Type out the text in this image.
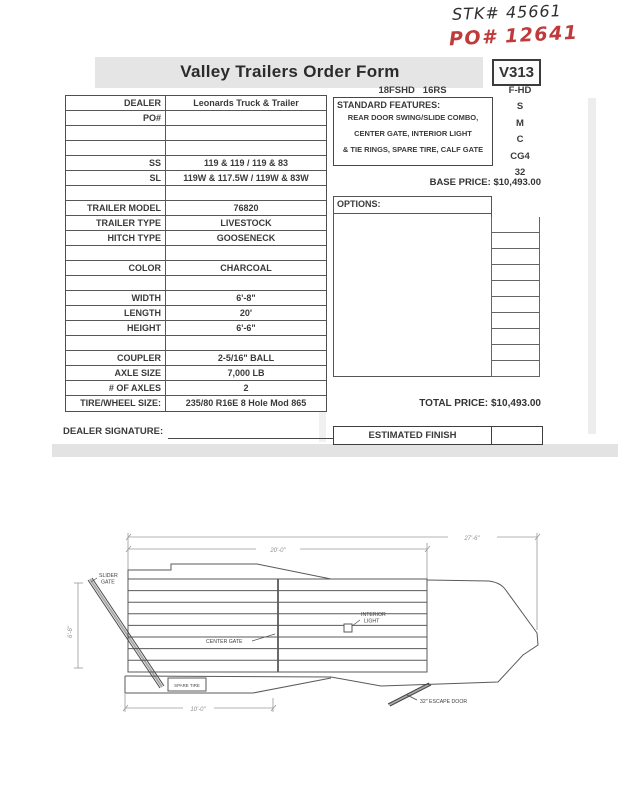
STK# 45661
PO# 12641
Valley Trailers Order Form	V313
18FSHD   16RS
DEALER	Leonards Truck & Trailer
PO#
SS	119 & 119 / 119 & 83
SL	119W & 117.5W / 119W & 83W
TRAILER MODEL	76820
TRAILER TYPE	LIVESTOCK
HITCH TYPE	GOOSENECK
COLOR	CHARCOAL
WIDTH	6'-8"
LENGTH	20'
HEIGHT	6'-6"
COUPLER	2-5/16" BALL
AXLE SIZE	7,000 LB
# OF AXLES	2
TIRE/WHEEL SIZE:	235/80 R16E 8 Hole Mod 865
DEALER SIGNATURE:
STANDARD FEATURES:
REAR DOOR SWING/SLIDE COMBO,
CENTER GATE, INTERIOR LIGHT
& TIE RINGS, SPARE TIRE, CALF GATE
F-HD
S
M
C
CG4
32
BASE PRICE: $10,493.00
OPTIONS:
TOTAL PRICE: $10,493.00
ESTIMATED FINISH
27'-6"
20'-0"
10'-0"
6'-6"
SLIDER
GATE
CENTER GATE
INTERIOR
LIGHT
SPARE TIRE
32" ESCAPE DOOR
